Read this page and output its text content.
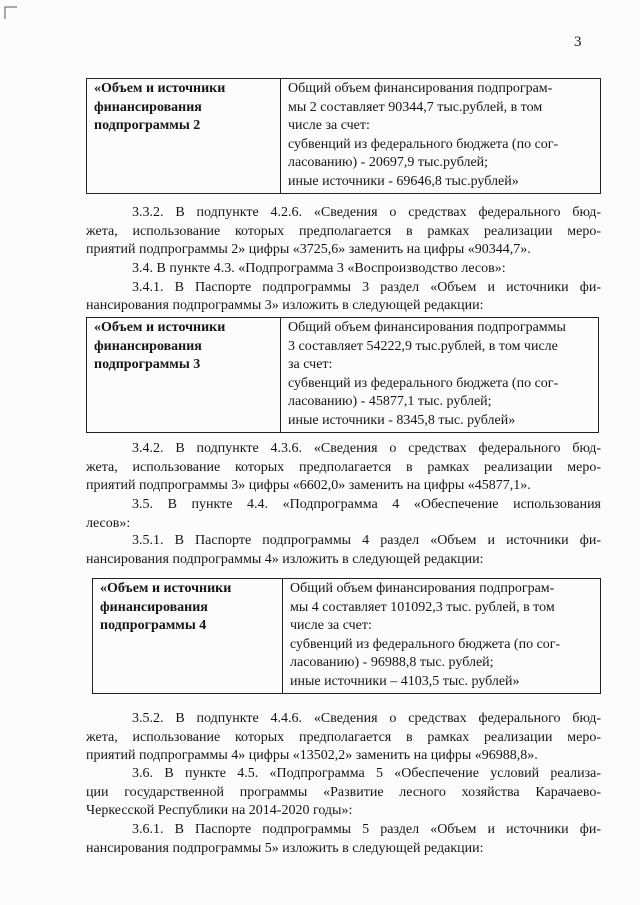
3
«Объем и источники
финансирования
подпрограммы 2

Общий объем финансирования подпрограм-
мы 2 составляет 90344,7 тыс.рублей, в том
числе за счет:
субвенций из федерального бюджета (по сог-
ласованию) - 20697,9 тыс.рублей;
иные источники - 69646,8 тыс.рублей»
3.3.2. В подпункте 4.2.6. «Сведения о средствах федерального бюд-
жета, использование которых предполагается в рамках реализации меро-
приятий подпрограммы 2» цифры «3725,6» заменить на цифры «90344,7».
3.4. В пункте 4.3. «Подпрограмма 3 «Воспроизводство лесов»:
3.4.1. В Паспорте подпрограммы 3 раздел «Объем и источники фи-
нансирования подпрограммы 3» изложить в следующей редакции:
«Объем и источники
финансирования
подпрограммы 3

Общий объем финансирования подпрограммы
3 составляет 54222,9 тыс.рублей, в том числе
за счет:
субвенций из федерального бюджета (по сог-
ласованию) - 45877,1 тыс. рублей;
иные источники - 8345,8 тыс. рублей»
3.4.2. В подпункте 4.3.6. «Сведения о средствах федерального бюд-
жета, использование которых предполагается в рамках реализации меро-
приятий подпрограммы 3» цифры «6602,0» заменить на цифры «45877,1».
3.5. В пункте 4.4. «Подпрограмма 4 «Обеспечение использования
лесов»:
3.5.1. В Паспорте подпрограммы 4 раздел «Объем и источники фи-
нансирования подпрограммы 4» изложить в следующей редакции:
«Объем и источники
финансирования
подпрограммы 4

Общий объем финансирования подпрограм-
мы 4 составляет 101092,3 тыс. рублей, в том
числе за счет:
субвенций из федерального бюджета (по сог-
ласованию) - 96988,8 тыс. рублей;
иные источники – 4103,5 тыс. рублей»
3.5.2. В подпункте 4.4.6. «Сведения о средствах федерального бюд-
жета, использование которых предполагается в рамках реализации меро-
приятий подпрограммы 4» цифры «13502,2» заменить на цифры «96988,8».
3.6. В пункте 4.5. «Подпрограмма 5 «Обеспечение условий реализа-
ции государственной программы «Развитие лесного хозяйства Карачаево-
Черкесской Республики на 2014-2020 годы»:
3.6.1. В Паспорте подпрограммы 5 раздел «Объем и источники фи-
нансирования подпрограммы 5» изложить в следующей редакции:
